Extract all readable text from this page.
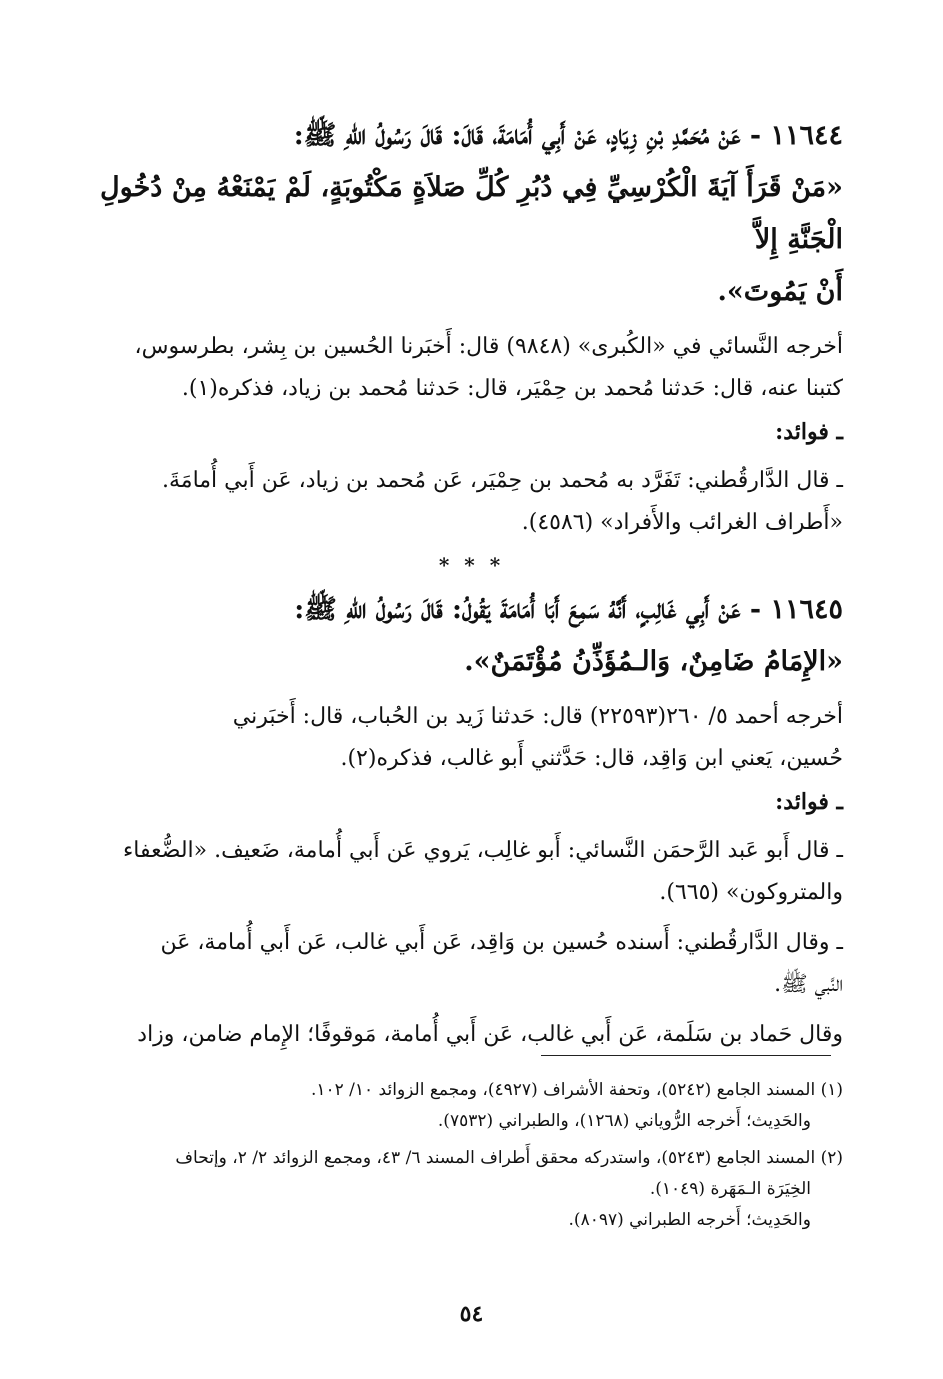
١١٦٤٤ - عَنْ مُحَمَّدِ بْنِ زِيَادٍ، عَنْ أَبِي أُمَامَةَ، قَالَ: قَالَ رَسُولُ اللهِ ﷺ:
«مَنْ قَرَأَ آيَةَ الْكُرْسِيِّ فِي دُبُرِ كُلِّ صَلاَةٍ مَكْتُوبَةٍ، لَمْ يَمْنَعْهُ مِنْ دُخُولِ الْجَنَّةِ إِلاَّ
أَنْ يَمُوتَ».
أخرجه النَّسائي في «الكُبرى» (٩٨٤٨) قال: أَخبَرنا الحُسين بن بِشر، بطرسوس،
كتبنا عنه، قال: حَدثنا مُحمد بن حِمْيَر، قال: حَدثنا مُحمد بن زياد، فذكره(١).
ـ فوائد:
ـ قال الدَّارقُطني: تَفَرَّد به مُحمد بن حِمْيَر، عَن مُحمد بن زياد، عَن أَبي أُمامَةَ.
«أَطراف الغرائب والأَفراد» (٤٥٨٦).
* * *
١١٦٤٥ - عَنْ أَبِي غَالِبٍ، أَنَّهُ سَمِعَ أَبَا أُمَامَةَ يَقُولُ: قَالَ رَسُولُ اللهِ ﷺ:
«الإِمَامُ ضَامِنٌ، وَالـمُؤَذِّنُ مُؤْتَمَنٌ».
أخرجه أحمد ٥/ ٢٦٠(٢٢٥٩٣) قال: حَدثنا زَيد بن الحُباب، قال: أَخبَرني
حُسين، يَعني ابن وَاقِد، قال: حَدَّثني أَبو غالب، فذكره(٢).
ـ فوائد:
ـ قال أَبو عَبد الرَّحمَن النَّسائي: أَبو غالِب، يَروي عَن أَبي أُمامة، ضَعيف. «الضُّعفاء
والمتروكون» (٦٦٥).
ـ وقال الدَّارقُطني: أَسنده حُسين بن وَاقِد، عَن أَبي غالب، عَن أَبي أُمامة، عَن
النَّبي ﷺ.
وقال حَماد بن سَلَمة، عَن أَبي غالب، عَن أَبي أُمامة، مَوقوفًا؛ الإِمام ضامن، وزاد
(١) المسند الجامع (٥٢٤٢)، وتحفة الأشراف (٤٩٢٧)، ومجمع الزوائد ١٠/ ١٠٢.
والحَدِيث؛ أَخرجه الرُّوياني (١٢٦٨)، والطبراني (٧٥٣٢).
(٢) المسند الجامع (٥٢٤٣)، واستدركه محقق أَطراف المسند ٦/ ٤٣، ومجمع الزوائد ٢/ ٢، وإتحاف
الخِيَرَة الـمَهَرة (١٠٤٩).
والحَدِيث؛ أَخرجه الطبراني (٨٠٩٧).
٥٤
